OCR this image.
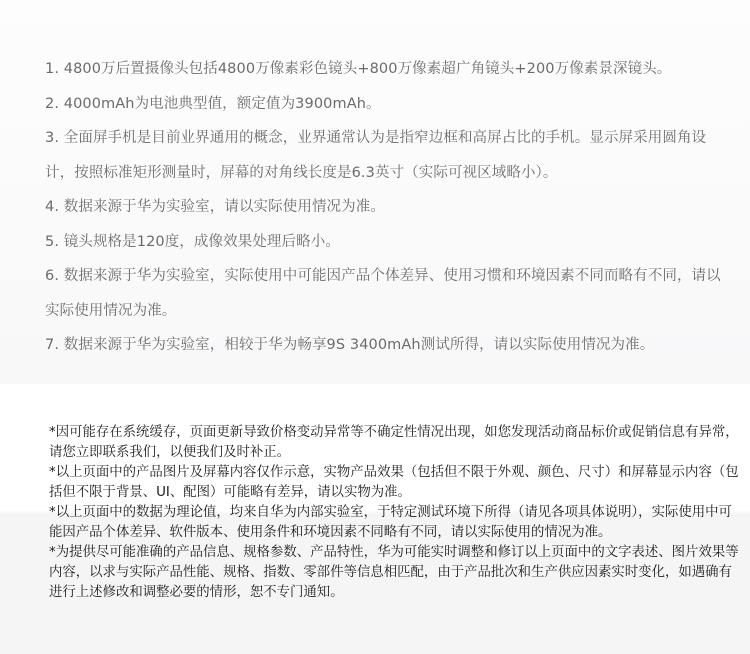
1. 4800万后置摄像头包括4800万像素彩色镜头+800万像素超广角镜头+200万像素景深镜头。
2. 4000mAh为电池典型值，额定值为3900mAh。
3. 全面屏手机是目前业界通用的概念，业界通常认为是指窄边框和高屏占比的手机。显示屏采用圆角设计，按照标准矩形测量时，屏幕的对角线长度是6.3英寸（实际可视区域略小）。
4. 数据来源于华为实验室，请以实际使用情况为准。
5. 镜头规格是120度，成像效果处理后略小。
6. 数据来源于华为实验室，实际使用中可能因产品个体差异、使用习惯和环境因素不同而略有不同，请以实际使用情况为准。
7. 数据来源于华为实验室，相较于华为畅享9S 3400mAh测试所得，请以实际使用情况为准。

*因可能存在系统缓存，页面更新导致价格变动异常等不确定性情况出现，如您发现活动商品标价或促销信息有异常，请您立即联系我们，以便我们及时补正。

*以上页面中的产品图片及屏幕内容仅作示意，实物产品效果（包括但不限于外观、颜色、尺寸）和屏幕显示内容（包括但不限于背景、UI、配图）可能略有差异，请以实物为准。

*以上页面中的数据为理论值，均来自华为内部实验室，于特定测试环境下所得（请见各项具体说明），实际使用中可能因产品个体差异、软件版本、使用条件和环境因素不同略有不同，请以实际使用的情况为准。

*为提供尽可能准确的产品信息、规格参数、产品特性，华为可能实时调整和修订以上页面中的文字表述、图片效果等内容，以求与实际产品性能、规格、指数、零部件等信息相匹配，由于产品批次和生产供应因素实时变化，如遇确有进行上述修改和调整必要的情形，恕不专门通知。
